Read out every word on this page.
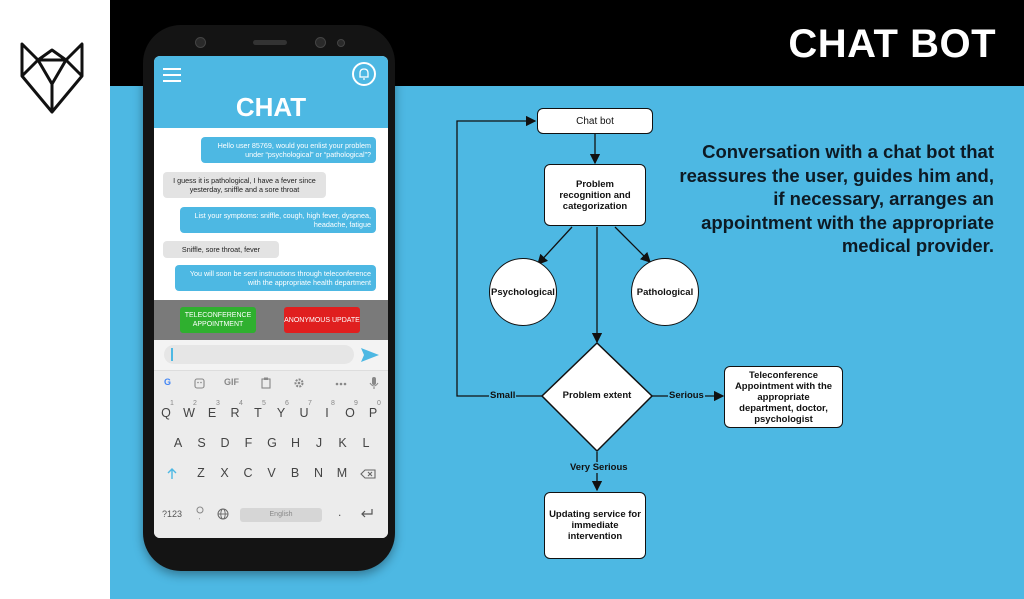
CHAT BOT
Conversation with a chat bot that reassures the user, guides him and, if necessary, arranges an appointment with the appropriate medical provider.
CHAT
Hello user 85769, would you enlist your problem under “psychological” or “pathological”?
I guess it is pathological, I have a fever since yesterday, sniffle and a sore throat
List your symptoms: sniffle, cough, high fever, dyspnea, headache, fatigue
Sniffle, sore throat, fever
You will soon be sent instructions through teleconference with the appropriate health department
TELECONFERENCE APPOINTMENT
ANONYMOUS UPDATE
G	GIF
Q
1
W
2
E
3
R
4
T
5
Y
6
U
7
I
8
O
9
P
0
A	S	D	F	G	H	J	K	L
Z	X	C	V	B	N	M
?123	,	English	.
Chat bot
Problem recognition and categorization
Psychological	Pathological
Problem extent
Small	Serious
Very Serious
Teleconference Appointment with the appropriate department, doctor, psychologist
Updating service for immediate intervention
